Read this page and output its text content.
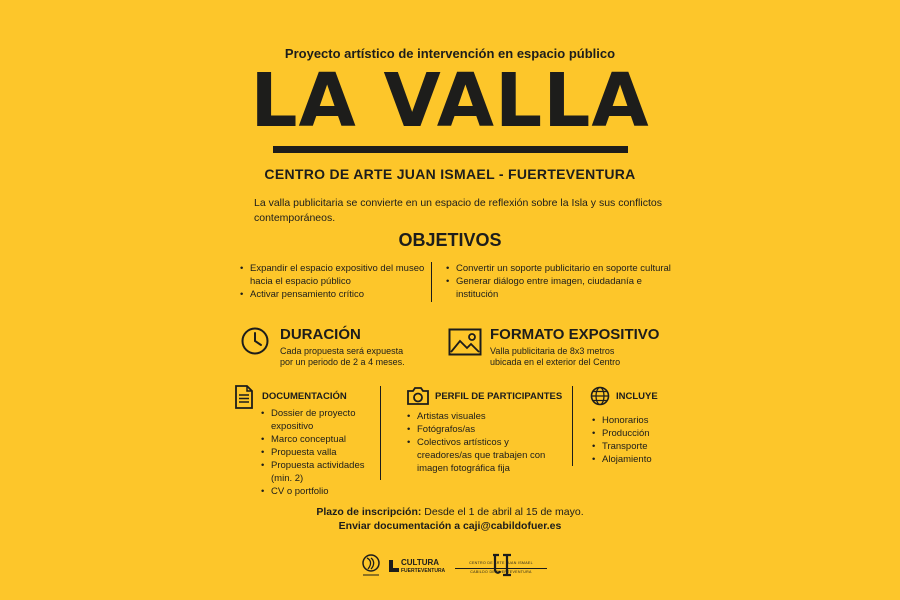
Proyecto artístico de intervención en espacio público
LA VALLA
CENTRO DE ARTE JUAN ISMAEL - FUERTEVENTURA
La valla publicitaria se convierte en un espacio de reflexión sobre la Isla y sus conflictos contemporáneos.
OBJETIVOS
• Expandir el espacio expositivo del museo hacia el espacio público
• Activar pensamiento crítico
• Convertir un soporte publicitario en soporte cultural
• Generar diálogo entre imagen, ciudadanía e institución
DURACIÓN
Cada propuesta será expuesta
por un periodo de 2 a 4 meses.
FORMATO EXPOSITIVO
Valla publicitaria de 8x3 metros
ubicada en el exterior del Centro
DOCUMENTACIÓN
• Dossier de proyecto expositivo
• Marco conceptual
• Propuesta valla
• Propuesta actividades (min. 2)
• CV o portfolio
PERFIL DE PARTICIPANTES
• Artistas visuales
• Fotógrafos/as
• Colectivos artísticos y creadores/as que trabajen con imagen fotográfica fija
INCLUYE
• Honorarios
• Producción
• Transporte
• Alojamiento
Plazo de inscripción: Desde el 1 de abril al 15 de mayo.
Enviar documentación a caji@cabildofuer.es
CULTURA
FUERTEVENTURA
CENTRO DE ARTE JUAN ISMAEL
CABILDO DE FUERTEVENTURA
